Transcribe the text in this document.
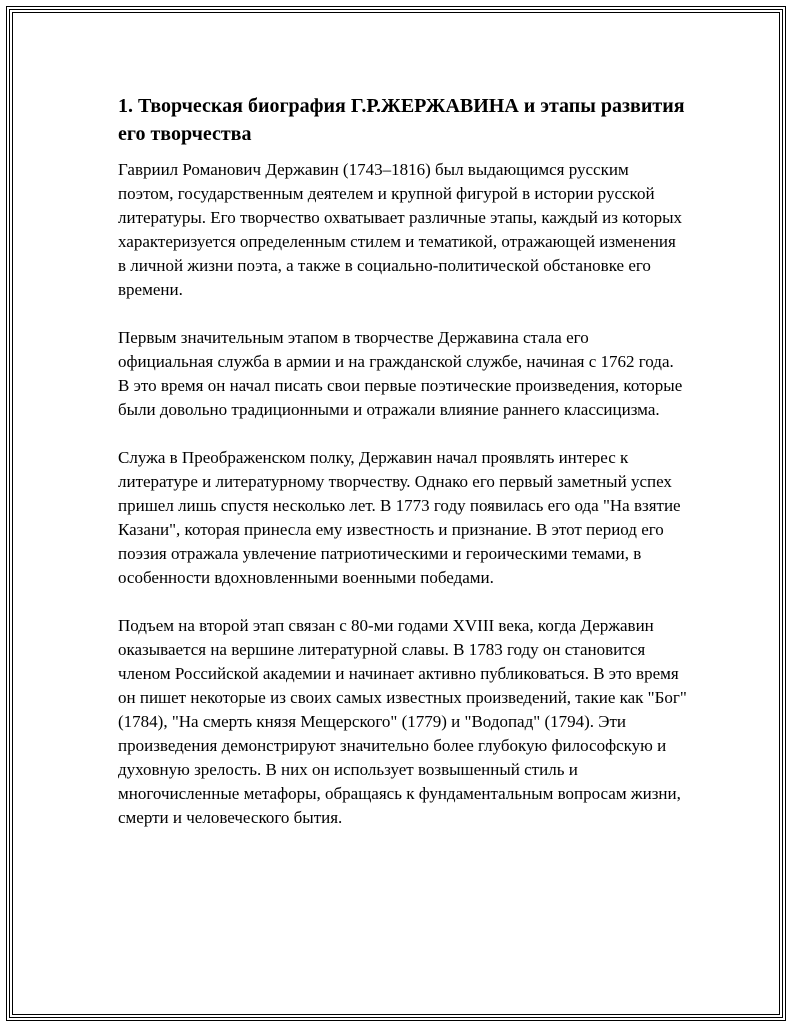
1. Творческая биография Г.Р.ЖЕРЖАВИНА и этапы развития его творчества

Гавриил Романович Державин (1743–1816) был выдающимся русским поэтом, государственным деятелем и крупной фигурой в истории русской литературы. Его творчество охватывает различные этапы, каждый из которых характеризуется определенным стилем и тематикой, отражающей изменения в личной жизни поэта, а также в социально-политической обстановке его времени.

Первым значительным этапом в творчестве Державина стала его официальная служба в армии и на гражданской службе, начиная с 1762 года. В это время он начал писать свои первые поэтические произведения, которые были довольно традиционными и отражали влияние раннего классицизма.

Служа в Преображенском полку, Державин начал проявлять интерес к литературе и литературному творчеству. Однако его первый заметный успех пришел лишь спустя несколько лет. В 1773 году появилась его ода "На взятие Казани", которая принесла ему известность и признание. В этот период его поэзия отражала увлечение патриотическими и героическими темами, в особенности вдохновленными военными победами.

Подъем на второй этап связан с 80-ми годами XVIII века, когда Державин оказывается на вершине литературной славы. В 1783 году он становится членом Российской академии и начинает активно публиковаться. В это время он пишет некоторые из своих самых известных произведений, такие как "Бог" (1784), "На смерть князя Мещерского" (1779) и "Водопад" (1794). Эти произведения демонстрируют значительно более глубокую философскую и духовную зрелость. В них он использует возвышенный стиль и многочисленные метафоры, обращаясь к фундаментальным вопросам жизни, смерти и человеческого бытия.
